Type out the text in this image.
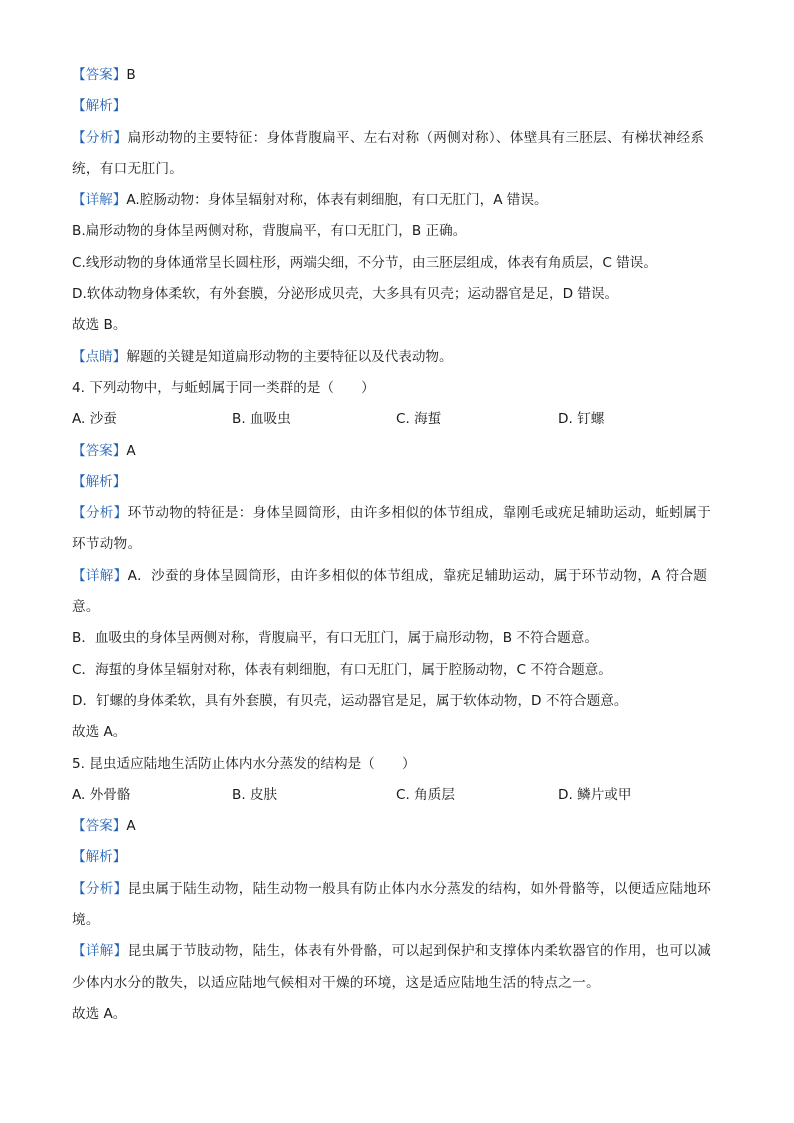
【答案】B
【解析】
【分析】扁形动物的主要特征：身体背腹扁平、左右对称（两侧对称）、体壁具有三胚层、有梯状神经系统，有口无肛门。
【详解】A.腔肠动物：身体呈辐射对称，体表有刺细胞，有口无肛门，A 错误。
B.扁形动物的身体呈两侧对称，背腹扁平，有口无肛门，B 正确。
C.线形动物的身体通常呈长圆柱形，两端尖细，不分节，由三胚层组成，体表有角质层，C 错误。
D.软体动物身体柔软，有外套膜，分泌形成贝壳，大多具有贝壳；运动器官是足，D 错误。
故选 B。
【点睛】解题的关键是知道扁形动物的主要特征以及代表动物。
4. 下列动物中，与蚯蚓属于同一类群的是（　　）
A. 沙蚕	B. 血吸虫	C. 海蜇	D. 钉螺
【答案】A
【解析】
【分析】环节动物的特征是：身体呈圆筒形，由许多相似的体节组成，靠刚毛或疣足辅助运动，蚯蚓属于环节动物。
【详解】A．沙蚕的身体呈圆筒形，由许多相似的体节组成，靠疣足辅助运动，属于环节动物，A 符合题意。
B．血吸虫的身体呈两侧对称，背腹扁平，有口无肛门，属于扁形动物，B 不符合题意。
C．海蜇的身体呈辐射对称，体表有刺细胞，有口无肛门，属于腔肠动物，C 不符合题意。
D．钉螺的身体柔软，具有外套膜，有贝壳，运动器官是足，属于软体动物，D 不符合题意。
故选 A。
5. 昆虫适应陆地生活防止体内水分蒸发的结构是（　　）
A. 外骨骼	B. 皮肤	C. 角质层	D. 鳞片或甲
【答案】A
【解析】
【分析】昆虫属于陆生动物，陆生动物一般具有防止体内水分蒸发的结构，如外骨骼等，以便适应陆地环境。
【详解】昆虫属于节肢动物，陆生，体表有外骨骼，可以起到保护和支撑体内柔软器官的作用，也可以减少体内水分的散失，以适应陆地气候相对干燥的环境，这是适应陆地生活的特点之一。
故选 A。
